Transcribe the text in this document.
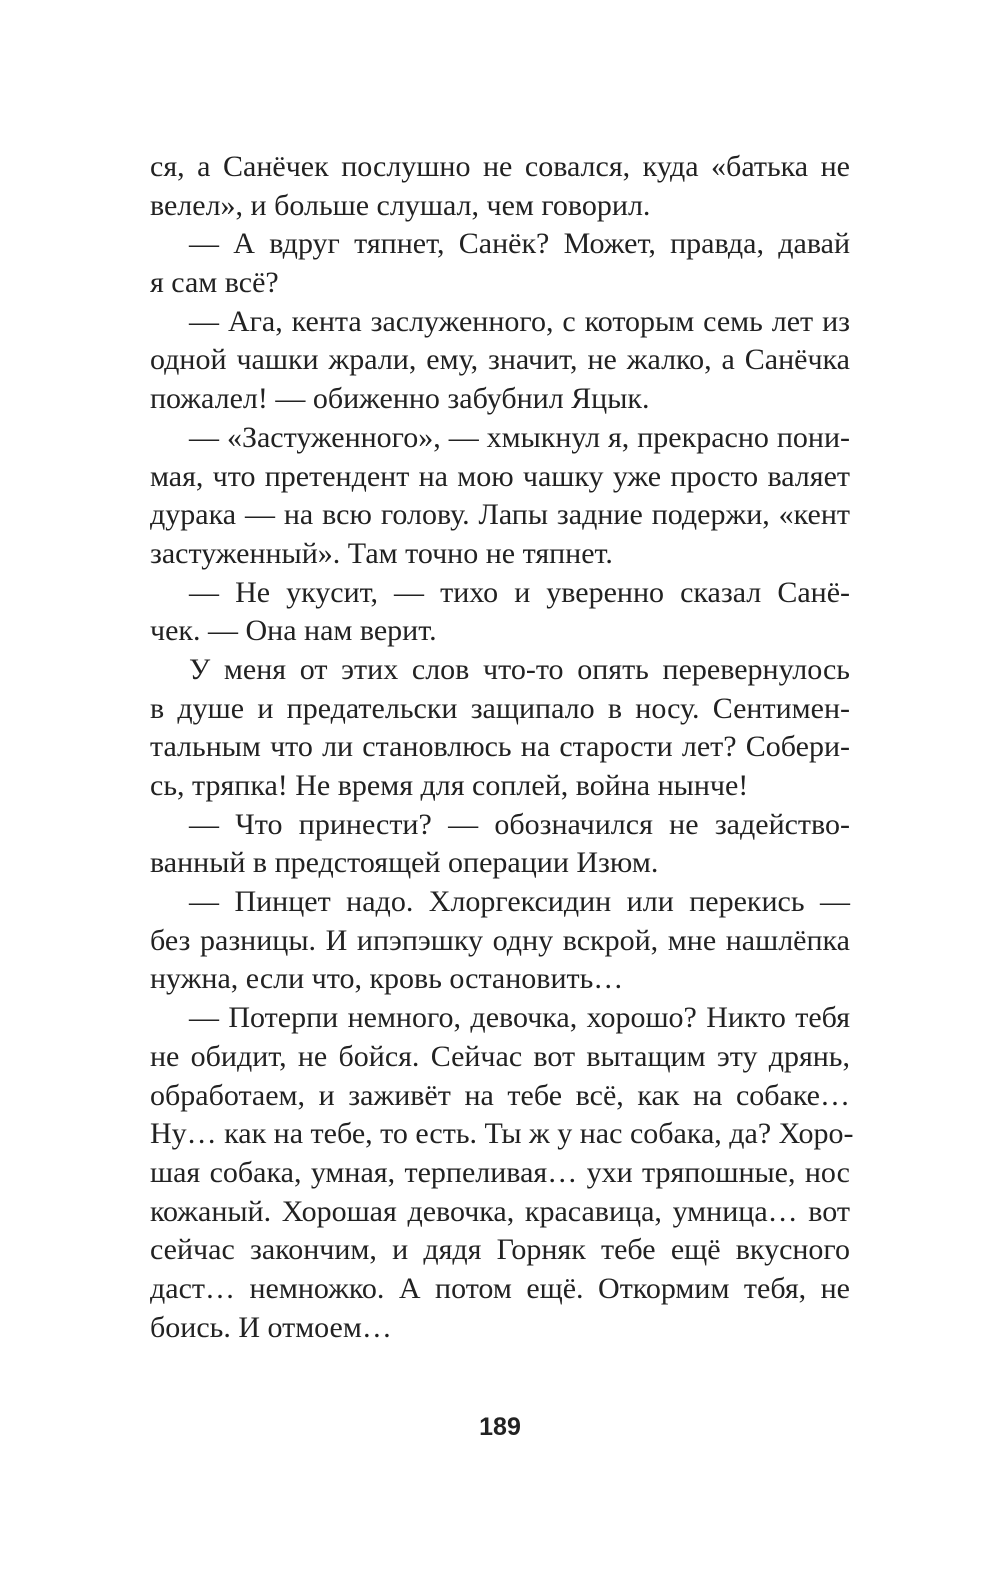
ся, а Санёчек послушно не совался, куда «батька не
велел», и больше слушал, чем говорил.
— А вдруг тяпнет, Санёк? Может, правда, давай
я сам всё?
— Ага, кента заслуженного, с которым семь лет из
одной чашки жрали, ему, значит, не жалко, а Санёчка
пожалел! — обиженно забубнил Яцык.
— «Застуженного», — хмыкнул я, прекрасно пони-
мая, что претендент на мою чашку уже просто валяет
дурака — на всю голову. Лапы задние подержи, «кент
застуженный». Там точно не тяпнет.
— Не укусит, — тихо и уверенно сказал Санё-
чек. — Она нам верит.
У меня от этих слов что-то опять перевернулось
в душе и предательски защипало в носу. Сентимен-
тальным что ли становлюсь на старости лет? Собери-
сь, тряпка! Не время для соплей, война нынче!
— Что принести? — обозначился не задейство-
ванный в предстоящей операции Изюм.
— Пинцет надо. Хлоргексидин или перекись —
без разницы. И ипэпэшку одну вскрой, мне нашлёпка
нужна, если что, кровь остановить…
— Потерпи немного, девочка, хорошо? Никто тебя
не обидит, не бойся. Сейчас вот вытащим эту дрянь,
обработаем, и заживёт на тебе всё, как на собаке…
Ну… как на тебе, то есть. Ты ж у нас собака, да? Хоро-
шая собака, умная, терпеливая… ухи тряпошные, нос
кожаный. Хорошая девочка, красавица, умница… вот
сейчас закончим, и дядя Горняк тебе ещё вкусного
даст… немножко. А потом ещё. Откормим тебя, не
боись. И отмоем…
189
